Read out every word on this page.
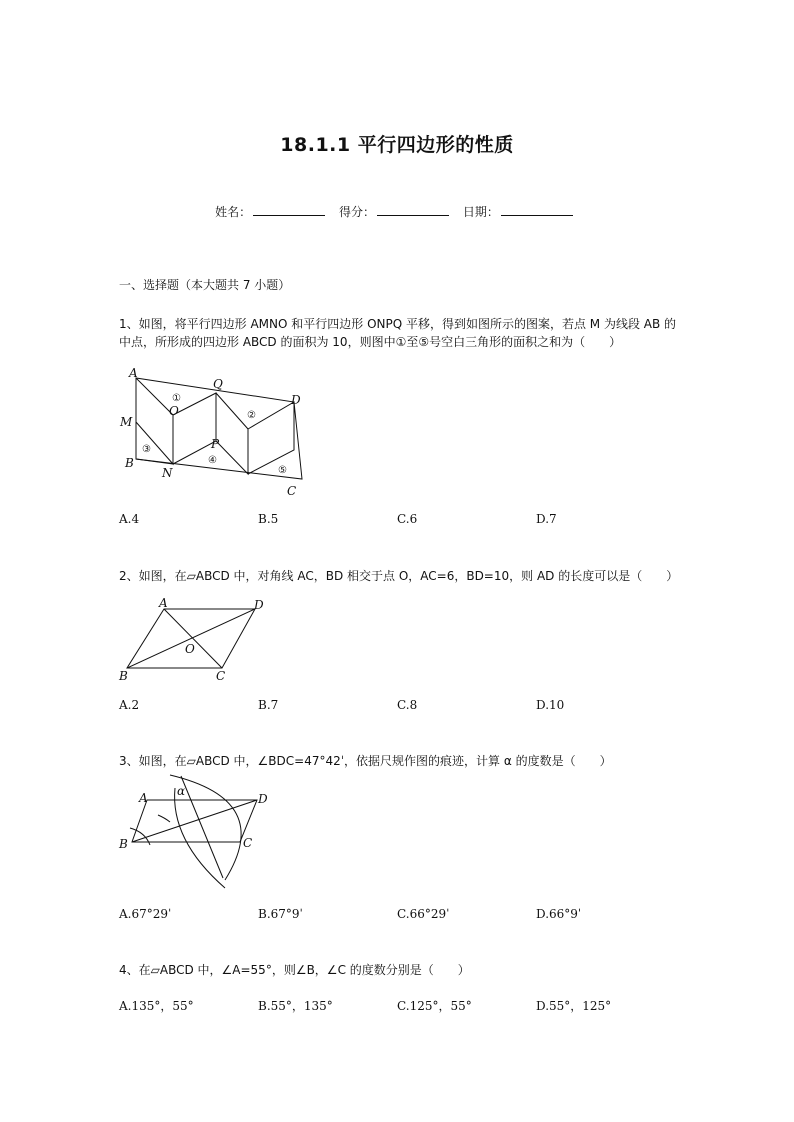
18.1.1 平行四边形的性质
姓名：	得分：	日期：
一、选择题（本大题共 7 小题）
1、如图，将平行四边形 AMNO 和平行四边形 ONPQ 平移，得到如图所示的图案，若点 M 为线段 AB 的中点，所形成的四边形 ABCD 的面积为 10，则图中①至⑤号空白三角形的面积之和为（　　）
A
M
B
N
O
Q
P
D
C
①
②
③
④
⑤
A.4	B.5	C.6	D.7
2、如图，在▱ABCD 中，对角线 AC，BD 相交于点 O，AC=6，BD=10，则 AD 的长度可以是（　　）
A	D
B	C
O
A.2	B.7	C.8	D.10
3、如图，在▱ABCD 中，∠BDC=47°42ˈ，依据尺规作图的痕迹，计算 α 的度数是（　　）
A	D
B	C
α
A.67°29ˈ	B.67°9ˈ	C.66°29ˈ	D.66°9ˈ
4、在▱ABCD 中，∠A=55°，则∠B，∠C 的度数分别是（　　）
A.135°，55°	B.55°，135°	C.125°，55°	D.55°，125°
